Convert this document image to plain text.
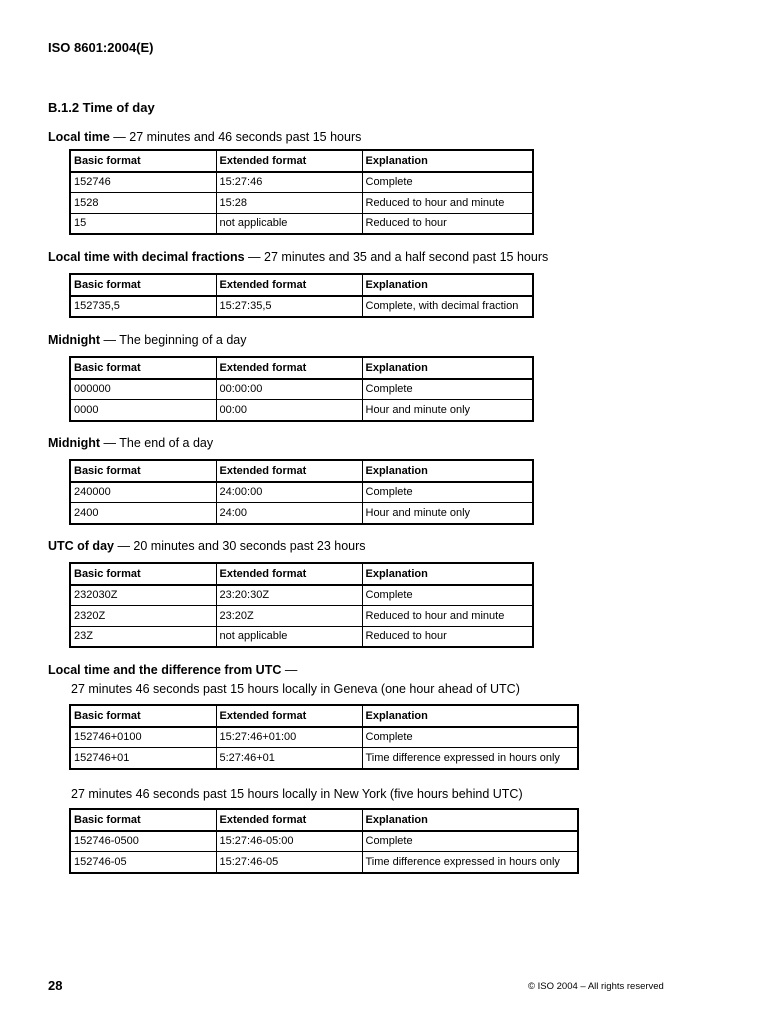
ISO 8601:2004(E)
B.1.2 Time of day
Local time — 27 minutes and 46 seconds past 15 hours
Basic format	Extended format	Explanation
152746	15:27:46	Complete
1528	15:28	Reduced to hour and minute
15	not applicable	Reduced to hour
Local time with decimal fractions — 27 minutes and 35 and a half second past 15 hours
Basic format	Extended format	Explanation
152735,5	15:27:35,5	Complete, with decimal fraction
Midnight — The beginning of a day
Basic format	Extended format	Explanation
000000	00:00:00	Complete
0000	00:00	Hour and minute only
Midnight — The end of a day
Basic format	Extended format	Explanation
240000	24:00:00	Complete
2400	24:00	Hour and minute only
UTC of day — 20 minutes and 30 seconds past 23 hours
Basic format	Extended format	Explanation
232030Z	23:20:30Z	Complete
2320Z	23:20Z	Reduced to hour and minute
23Z	not applicable	Reduced to hour
Local time and the difference from UTC —
27 minutes 46 seconds past 15 hours locally in Geneva (one hour ahead of UTC)
Basic format	Extended format	Explanation
152746+0100	15:27:46+01:00	Complete
152746+01	5:27:46+01	Time difference expressed in hours only
27 minutes 46 seconds past 15 hours locally in New York (five hours behind UTC)
Basic format	Extended format	Explanation
152746-0500	15:27:46-05:00	Complete
152746-05	15:27:46-05	Time difference expressed in hours only
28	© ISO 2004 – All rights reserved
